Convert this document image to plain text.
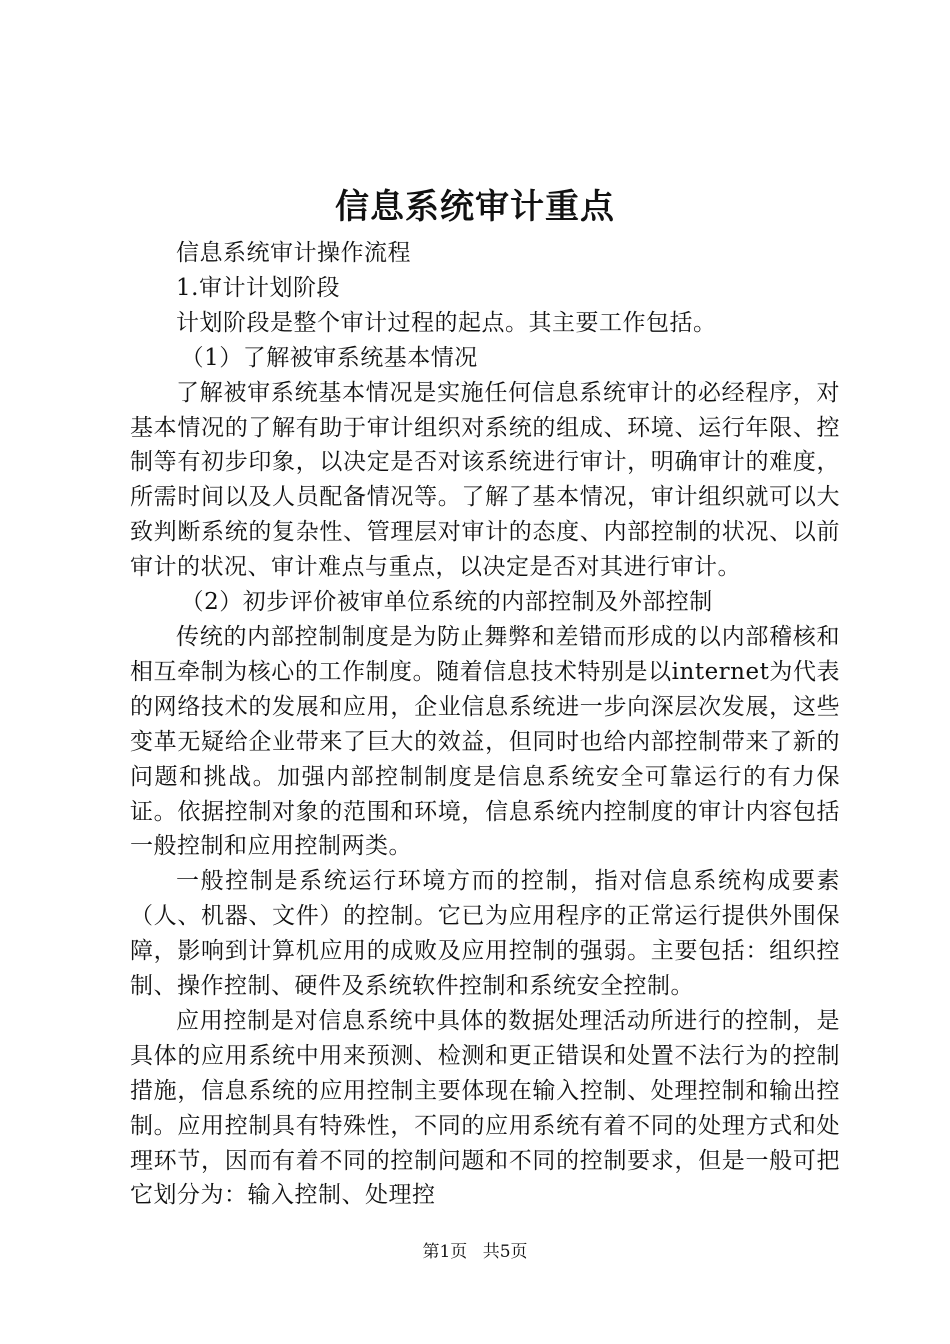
信息系统审计重点

信息系统审计操作流程

1.审计计划阶段

计划阶段是整个审计过程的起点。其主要工作包括。

（1）了解被审系统基本情况

了解被审系统基本情况是实施任何信息系统审计的必经程序，对基本情况的了解有助于审计组织对系统的组成、环境、运行年限、控制等有初步印象，以决定是否对该系统进行审计，明确审计的难度，所需时间以及人员配备情况等。了解了基本情况，审计组织就可以大致判断系统的复杂性、管理层对审计的态度、内部控制的状况、以前审计的状况、审计难点与重点，以决定是否对其进行审计。

（2）初步评价被审单位系统的内部控制及外部控制

传统的内部控制制度是为防止舞弊和差错而形成的以内部稽核和相互牵制为核心的工作制度。随着信息技术特别是以internet为代表的网络技术的发展和应用，企业信息系统进一步向深层次发展，这些变革无疑给企业带来了巨大的效益，但同时也给内部控制带来了新的问题和挑战。加强内部控制制度是信息系统安全可靠运行的有力保证。依据控制对象的范围和环境，信息系统内控制度的审计内容包括一般控制和应用控制两类。

一般控制是系统运行环境方而的控制，指对信息系统构成要素（人、机器、文件）的控制。它已为应用程序的正常运行提供外围保障，影响到计算机应用的成败及应用控制的强弱。主要包括：组织控制、操作控制、硬件及系统软件控制和系统安全控制。

应用控制是对信息系统中具体的数据处理活动所进行的控制，是具体的应用系统中用来预测、检测和更正错误和处置不法行为的控制措施，信息系统的应用控制主要体现在输入控制、处理控制和输出控制。应用控制具有特殊性，不同的应用系统有着不同的处理方式和处理环节，因而有着不同的控制问题和不同的控制要求，但是一般可把它划分为：输入控制、处理控

第1页 共5页
